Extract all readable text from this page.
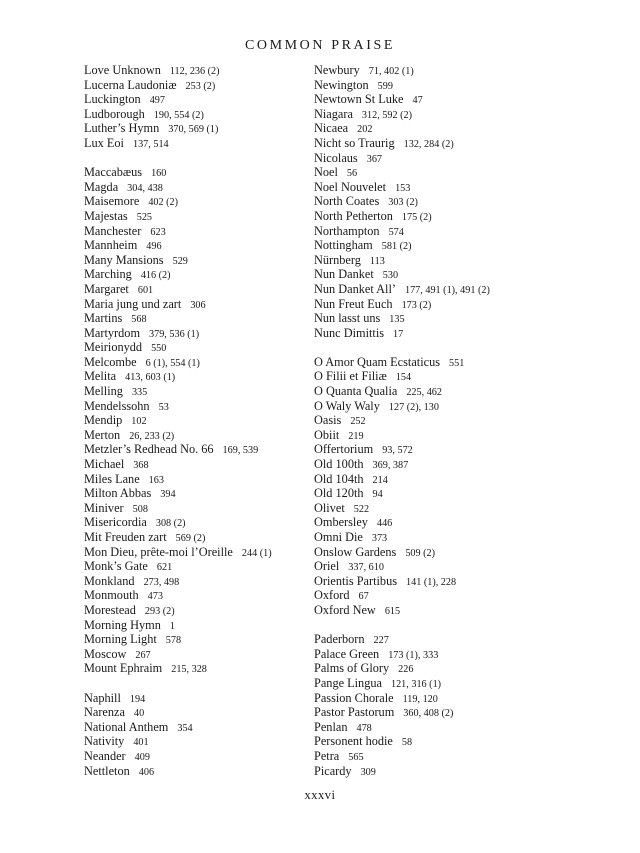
COMMON PRAISE
Love Unknown 112, 236 (2)
Lucerna Laudoniæ 253 (2)
Luckington 497
Ludborough 190, 554 (2)
Luther’s Hymn 370, 569 (1)
Lux Eoi 137, 514
Maccabæus 160
Magda 304, 438
Maisemore 402 (2)
Majestas 525
Manchester 623
Mannheim 496
Many Mansions 529
Marching 416 (2)
Margaret 601
Maria jung und zart 306
Martins 568
Martyrdom 379, 536 (1)
Meirionydd 550
Melcombe 6 (1), 554 (1)
Melita 413, 603 (1)
Melling 335
Mendelssohn 53
Mendip 102
Merton 26, 233 (2)
Metzler’s Redhead No. 66 169, 539
Michael 368
Miles Lane 163
Milton Abbas 394
Miniver 508
Misericordia 308 (2)
Mit Freuden zart 569 (2)
Mon Dieu, prête-moi l’Oreille 244 (1)
Monk’s Gate 621
Monkland 273, 498
Monmouth 473
Morestead 293 (2)
Morning Hymn 1
Morning Light 578
Moscow 267
Mount Ephraim 215, 328
Naphill 194
Narenza 40
National Anthem 354
Nativity 401
Neander 409
Nettleton 406
Newbury 71, 402 (1)
Newington 599
Newtown St Luke 47
Niagara 312, 592 (2)
Nicaea 202
Nicht so Traurig 132, 284 (2)
Nicolaus 367
Noel 56
Noel Nouvelet 153
North Coates 303 (2)
North Petherton 175 (2)
Northampton 574
Nottingham 581 (2)
Nürnberg 113
Nun Danket 530
Nun Danket All’ 177, 491 (1), 491 (2)
Nun Freut Euch 173 (2)
Nun lasst uns 135
Nunc Dimittis 17
O Amor Quam Ecstaticus 551
O Filii et Filiæ 154
O Quanta Qualia 225, 462
O Waly Waly 127 (2), 130
Oasis 252
Obiit 219
Offertorium 93, 572
Old 100th 369, 387
Old 104th 214
Old 120th 94
Olivet 522
Ombersley 446
Omni Die 373
Onslow Gardens 509 (2)
Oriel 337, 610
Orientis Partibus 141 (1), 228
Oxford 67
Oxford New 615
Paderborn 227
Palace Green 173 (1), 333
Palms of Glory 226
Pange Lingua 121, 316 (1)
Passion Chorale 119, 120
Pastor Pastorum 360, 408 (2)
Penlan 478
Personent hodie 58
Petra 565
Picardy 309
xxxvi
